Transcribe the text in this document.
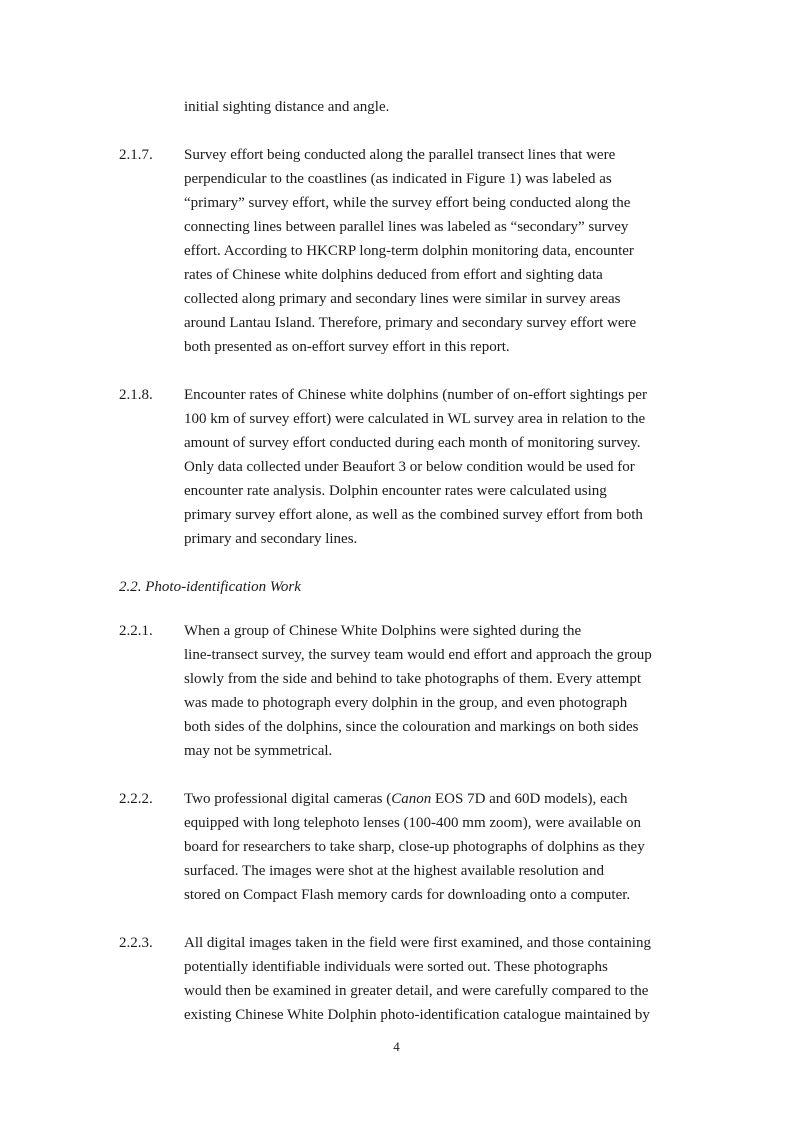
initial sighting distance and angle.
2.1.7. Survey effort being conducted along the parallel transect lines that were
perpendicular to the coastlines (as indicated in Figure 1) was labeled as
“primary” survey effort, while the survey effort being conducted along the
connecting lines between parallel lines was labeled as “secondary” survey
effort. According to HKCRP long-term dolphin monitoring data, encounter
rates of Chinese white dolphins deduced from effort and sighting data
collected along primary and secondary lines were similar in survey areas
around Lantau Island. Therefore, primary and secondary survey effort were
both presented as on-effort survey effort in this report.
2.1.8. Encounter rates of Chinese white dolphins (number of on-effort sightings per
100 km of survey effort) were calculated in WL survey area in relation to the
amount of survey effort conducted during each month of monitoring survey.
Only data collected under Beaufort 3 or below condition would be used for
encounter rate analysis. Dolphin encounter rates were calculated using
primary survey effort alone, as well as the combined survey effort from both
primary and secondary lines.
2.2. Photo-identification Work
2.2.1. When a group of Chinese White Dolphins were sighted during the
line-transect survey, the survey team would end effort and approach the group
slowly from the side and behind to take photographs of them. Every attempt
was made to photograph every dolphin in the group, and even photograph
both sides of the dolphins, since the colouration and markings on both sides
may not be symmetrical.
2.2.2. Two professional digital cameras (Canon EOS 7D and 60D models), each
equipped with long telephoto lenses (100-400 mm zoom), were available on
board for researchers to take sharp, close-up photographs of dolphins as they
surfaced. The images were shot at the highest available resolution and
stored on Compact Flash memory cards for downloading onto a computer.
2.2.3. All digital images taken in the field were first examined, and those containing
potentially identifiable individuals were sorted out. These photographs
would then be examined in greater detail, and were carefully compared to the
existing Chinese White Dolphin photo-identification catalogue maintained by
4
